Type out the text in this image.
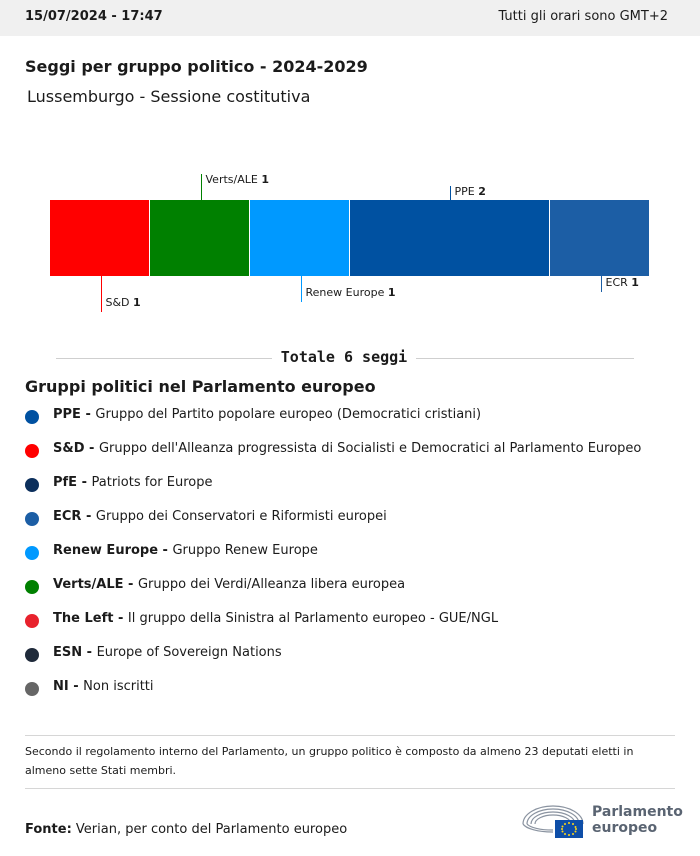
15/07/2024 - 17:47	Tutti gli orari sono GMT+2
Seggi per gruppo politico - 2024-2029
Lussemburgo - Sessione costitutiva
S&D 1
Verts/ALE 1
Renew Europe 1
PPE 2
ECR 1
Totale 6 seggi
Gruppi politici nel Parlamento europeo
PPE - Gruppo del Partito popolare europeo (Democratici cristiani)
S&D - Gruppo dell'Alleanza progressista di Socialisti e Democratici al Parlamento Europeo
PfE - Patriots for Europe
ECR - Gruppo dei Conservatori e Riformisti europei
Renew Europe - Gruppo Renew Europe
Verts/ALE - Gruppo dei Verdi/Alleanza libera europea
The Left - Il gruppo della Sinistra al Parlamento europeo - GUE/NGL
ESN - Europe of Sovereign Nations
NI - Non iscritti
Secondo il regolamento interno del Parlamento, un gruppo politico è composto da almeno 23 deputati eletti in almeno sette Stati membri.
Fonte: Verian, per conto del Parlamento europeo
Parlamento
europeo
